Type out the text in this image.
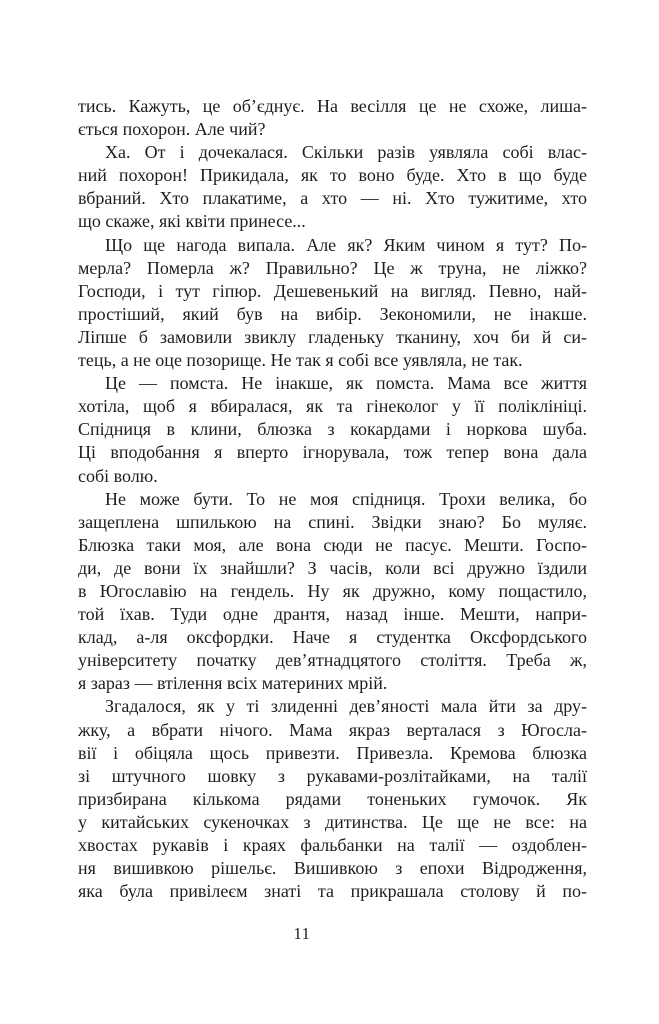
тись. Кажуть, це об’єднує. На весілля це не схоже, лиша-
ється похорон. Але чий?
Ха. От і дочекалася. Скільки разів уявляла собі влас-
ний похорон! Прикидала, як то воно буде. Хто в що буде
вбраний. Хто плакатиме, а хто — ні. Хто тужитиме, хто
що скаже, які квіти принесе...
Що ще нагода випала. Але як? Яким чином я тут? По-
мерла? Померла ж? Правильно? Це ж труна, не ліжко?
Господи, і тут гіпюр. Дешевенький на вигляд. Певно, най-
простіший, який був на вибір. Зекономили, не інакше.
Ліпше б замовили звиклу гладеньку тканину, хоч би й си-
тець, а не оце позорище. Не так я собі все уявляла, не так.
Це — помста. Не інакше, як помста. Мама все життя
хотіла, щоб я вбиралася, як та гінеколог у її поліклініці.
Спідниця в клини, блюзка з кокардами і норкова шуба.
Ці вподобання я вперто ігнорувала, тож тепер вона дала
собі волю.
Не може бути. То не моя спідниця. Трохи велика, бо
защеплена шпилькою на спині. Звідки знаю? Бо муляє.
Блюзка таки моя, але вона сюди не пасує. Мешти. Госпо-
ди, де вони їх знайшли? З часів, коли всі дружно їздили
в Югославію на гендель. Ну як дружно, кому пощастило,
той їхав. Туди одне дрантя, назад інше. Мешти, напри-
клад, а-ля оксфордки. Наче я студентка Оксфордського
університету початку дев’ятнадцятого століття. Треба ж,
я зараз — втілення всіх материних мрій.
Згадалося, як у ті злиденні дев’яності мала йти за дру-
жку, а вбрати нічого. Мама якраз верталася з Югосла-
вії і обіцяла щось привезти. Привезла. Кремова блюзка
зі штучного шовку з рукавами-розлітайками, на талії
призбирана кількома рядами тоненьких гумочок. Як
у китайських сукеночках з дитинства. Це ще не все: на
хвостах рукавів і краях фальбанки на талії — оздоблен-
ня вишивкою рішельє. Вишивкою з епохи Відродження,
яка була привілеєм знаті та прикрашала столову й по-
11
